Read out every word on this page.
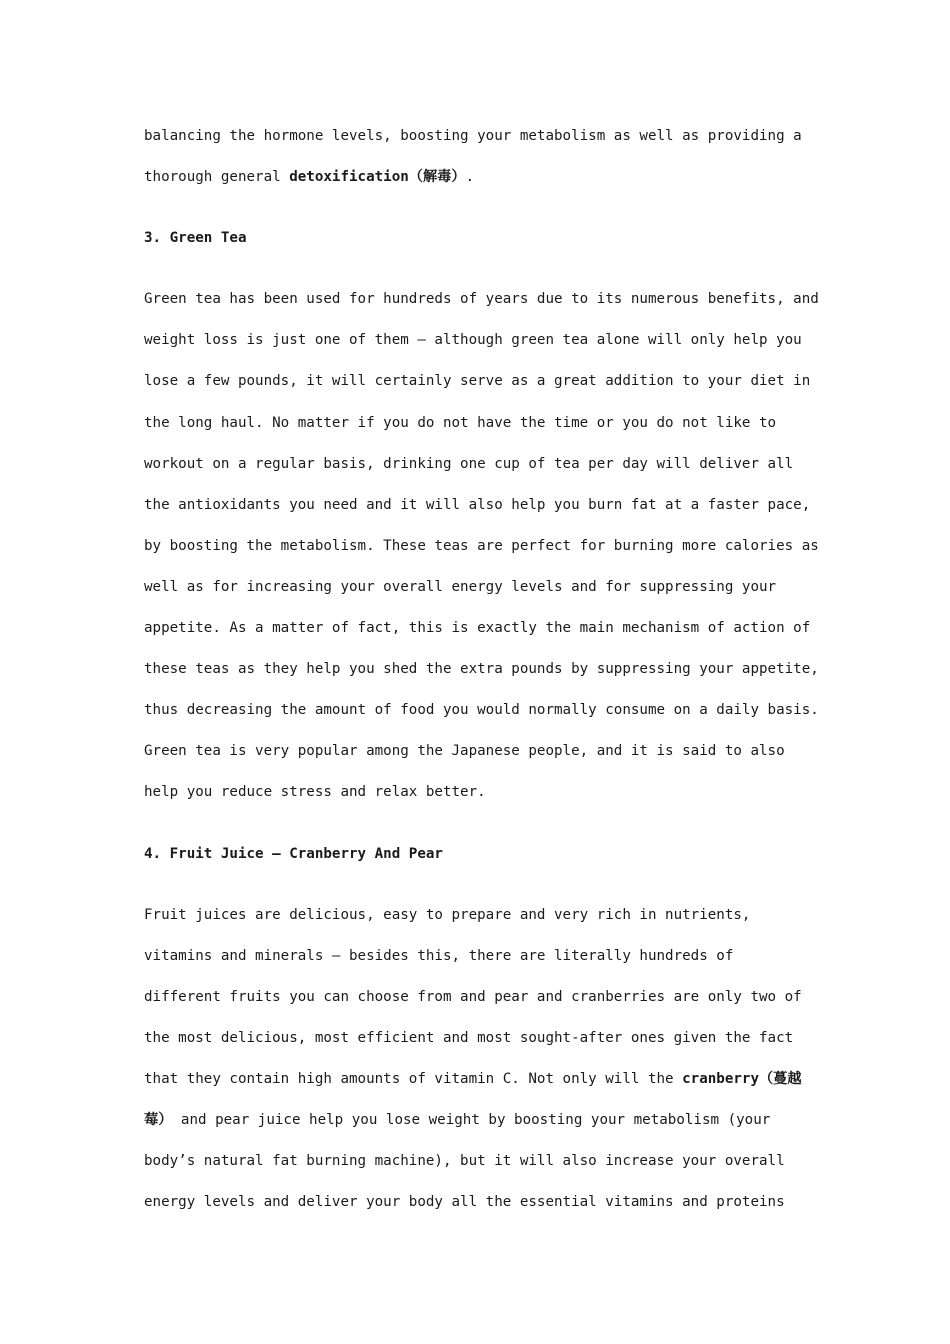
balancing the hormone levels, boosting your metabolism as well as providing a
thorough general detoxification（解毒）.
3. Green Tea
Green tea has been used for hundreds of years due to its numerous benefits, and
weight loss is just one of them – although green tea alone will only help you
lose a few pounds, it will certainly serve as a great addition to your diet in
the long haul. No matter if you do not have the time or you do not like to
workout on a regular basis, drinking one cup of tea per day will deliver all
the antioxidants you need and it will also help you burn fat at a faster pace,
by boosting the metabolism. These teas are perfect for burning more calories as
well as for increasing your overall energy levels and for suppressing your
appetite. As a matter of fact, this is exactly the main mechanism of action of
these teas as they help you shed the extra pounds by suppressing your appetite,
thus decreasing the amount of food you would normally consume on a daily basis.
Green tea is very popular among the Japanese people, and it is said to also
help you reduce stress and relax better.
4. Fruit Juice – Cranberry And Pear
Fruit juices are delicious, easy to prepare and very rich in nutrients,
vitamins and minerals – besides this, there are literally hundreds of
different fruits you can choose from and pear and cranberries are only two of
the most delicious, most efficient and most sought-after ones given the fact
that they contain high amounts of vitamin C. Not only will the cranberry（蔓越
莓） and pear juice help you lose weight by boosting your metabolism (your
body’s natural fat burning machine), but it will also increase your overall
energy levels and deliver your body all the essential vitamins and proteins
